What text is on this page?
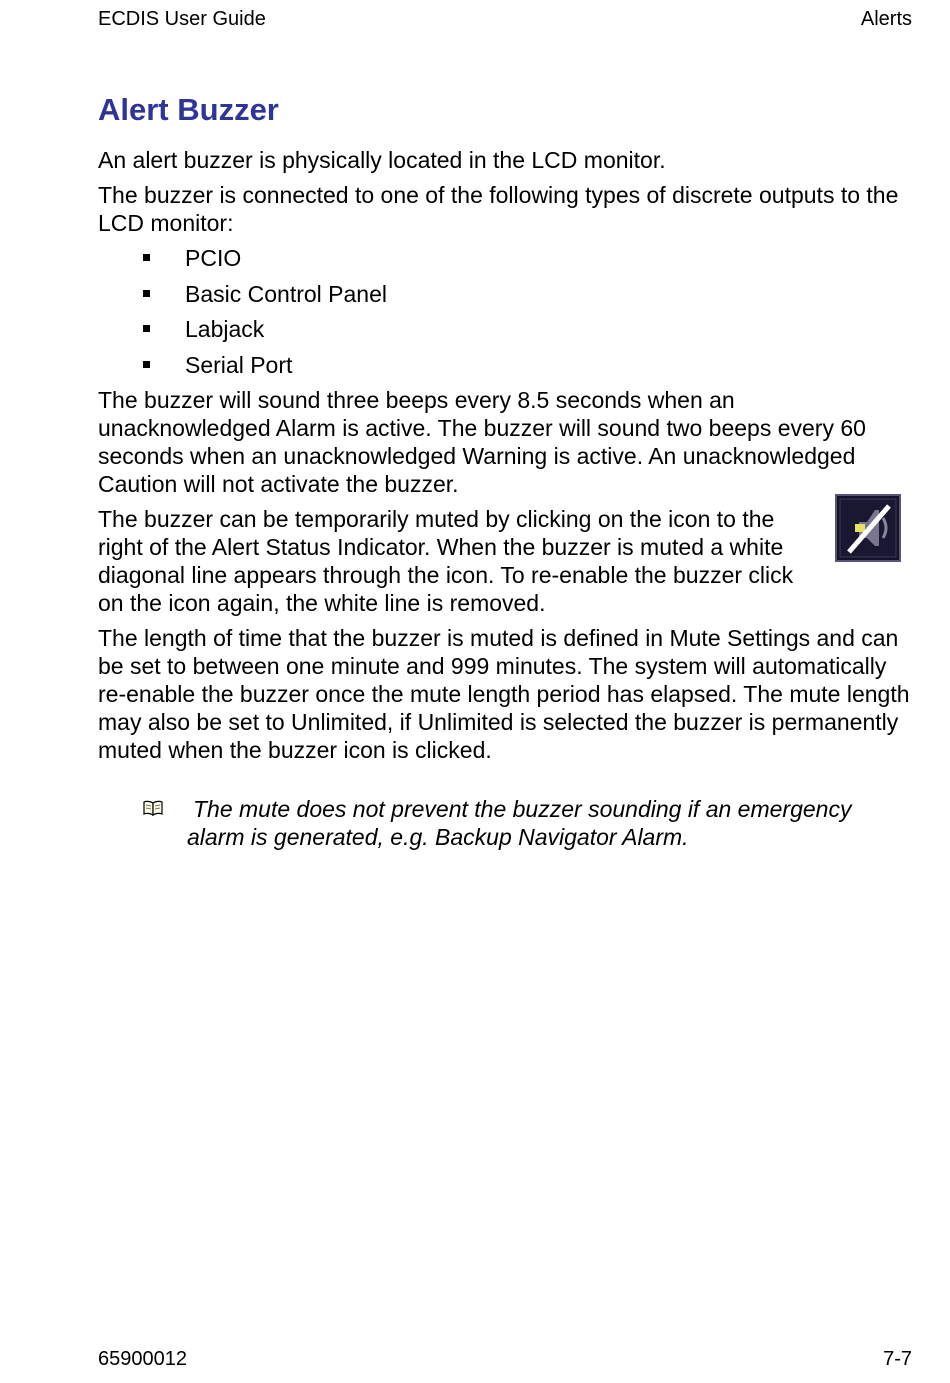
ECDIS User Guide	Alerts
Alert Buzzer

An alert buzzer is physically located in the LCD monitor.

The buzzer is connected to one of the following types of discrete outputs to the LCD monitor:

PCIO
Basic Control Panel
Labjack
Serial Port

The buzzer will sound three beeps every 8.5 seconds when an unacknowledged Alarm is active. The buzzer will sound two beeps every 60 seconds when an unacknowledged Warning is active. An unacknowledged Caution will not activate the buzzer.

The buzzer can be temporarily muted by clicking on the icon to the right of the Alert Status Indicator. When the buzzer is muted a white diagonal line appears through the icon. To re-enable the buzzer click on the icon again, the white line is removed.

The length of time that the buzzer is muted is defined in Mute Settings and can be set to between one minute and 999 minutes. The system will automatically re-enable the buzzer once the mute length period has elapsed. The mute length may also be set to Unlimited, if Unlimited is selected the buzzer is permanently muted when the buzzer icon is clicked.

The mute does not prevent the buzzer sounding if an emergency alarm is generated, e.g. Backup Navigator Alarm.
65900012	7-7
